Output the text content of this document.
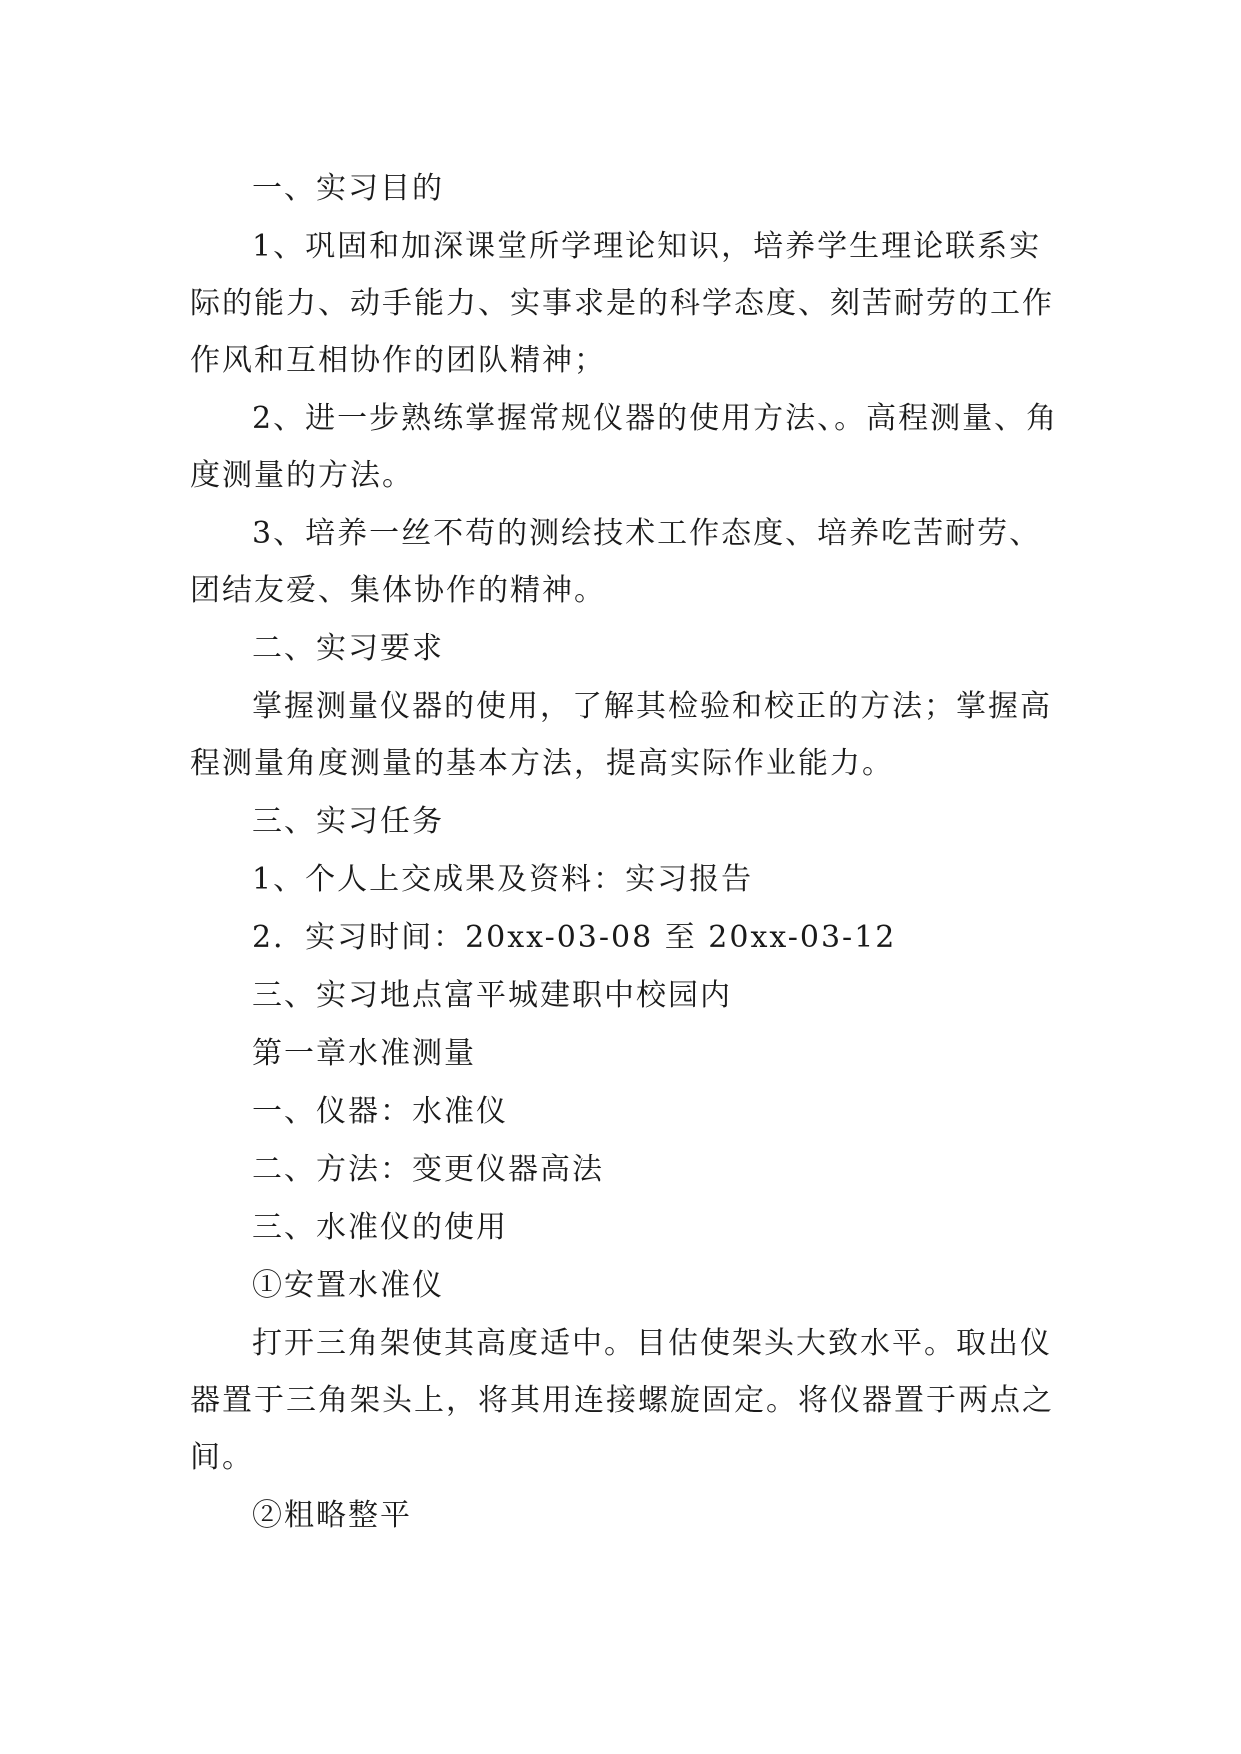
一、实习目的

1、巩固和加深课堂所学理论知识，培养学生理论联系实际的能力、动手能力、实事求是的科学态度、刻苦耐劳的工作作风和互相协作的团队精神；

2、进一步熟练掌握常规仪器的使用方法、。高程测量、角度测量的方法。

3、培养一丝不苟的测绘技术工作态度、培养吃苦耐劳、团结友爱、集体协作的精神。

二、实习要求

掌握测量仪器的使用，了解其检验和校正的方法；掌握高程测量角度测量的基本方法，提高实际作业能力。

三、实习任务

1、个人上交成果及资料：实习报告

2．实习时间：20xx-03-08 至 20xx-03-12

三、实习地点富平城建职中校园内

第一章水准测量

一、仪器：水准仪

二、方法：变更仪器高法

三、水准仪的使用

①安置水准仪

打开三角架使其高度适中。目估使架头大致水平。取出仪器置于三角架头上，将其用连接螺旋固定。将仪器置于两点之间。

②粗略整平
